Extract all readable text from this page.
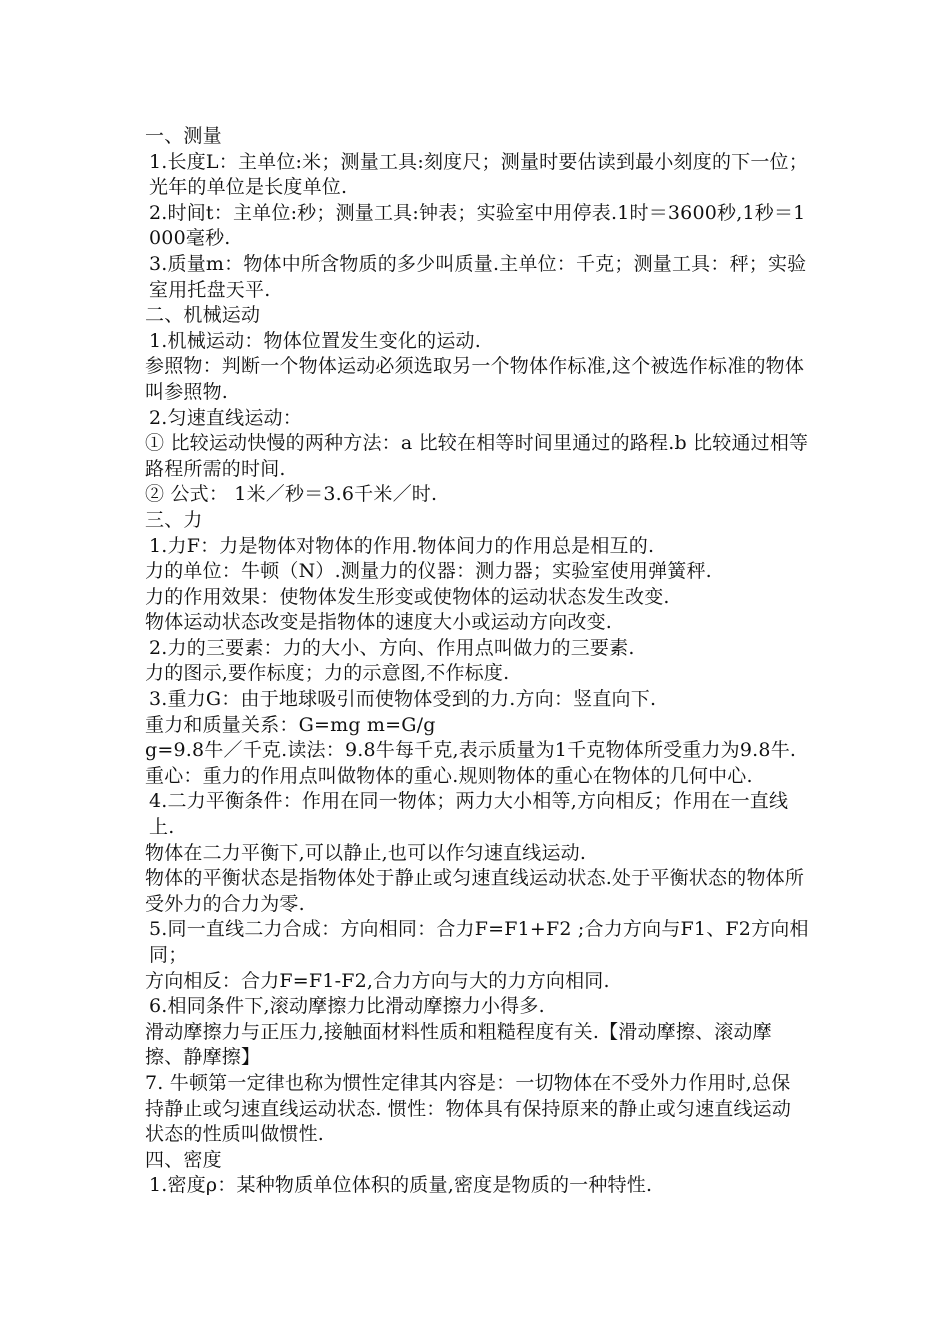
一、测量
1.长度L：主单位:米；测量工具:刻度尺；测量时要估读到最小刻度的下一位；光年的单位是长度单位.
2.时间t：主单位:秒；测量工具:钟表；实验室中用停表.1时＝3600秒,1秒＝1000毫秒.
3.质量m：物体中所含物质的多少叫质量.主单位：千克；测量工具：秤；实验室用托盘天平.
二、机械运动
1.机械运动：物体位置发生变化的运动.
参照物：判断一个物体运动必须选取另一个物体作标准,这个被选作标准的物体叫参照物.
2.匀速直线运动：
① 比较运动快慢的两种方法：a 比较在相等时间里通过的路程.b 比较通过相等路程所需的时间.
② 公式： 1米／秒＝3.6千米／时.
三、力
1.力F：力是物体对物体的作用.物体间力的作用总是相互的.
力的单位：牛顿（N）.测量力的仪器：测力器；实验室使用弹簧秤.
力的作用效果：使物体发生形变或使物体的运动状态发生改变.
物体运动状态改变是指物体的速度大小或运动方向改变.
2.力的三要素：力的大小、方向、作用点叫做力的三要素.
力的图示,要作标度；力的示意图,不作标度.
3.重力G：由于地球吸引而使物体受到的力.方向：竖直向下.
重力和质量关系：G=mg m=G/g
g=9.8牛／千克.读法：9.8牛每千克,表示质量为1千克物体所受重力为9.8牛.
重心：重力的作用点叫做物体的重心.规则物体的重心在物体的几何中心.
4.二力平衡条件：作用在同一物体；两力大小相等,方向相反；作用在一直线上.
物体在二力平衡下,可以静止,也可以作匀速直线运动.
物体的平衡状态是指物体处于静止或匀速直线运动状态.处于平衡状态的物体所受外力的合力为零.
5.同一直线二力合成：方向相同：合力F=F1+F2 ;合力方向与F1、F2方向相同；
方向相反：合力F=F1-F2,合力方向与大的力方向相同.
6.相同条件下,滚动摩擦力比滑动摩擦力小得多.
滑动摩擦力与正压力,接触面材料性质和粗糙程度有关.【滑动摩擦、滚动摩擦、静摩擦】
7. 牛顿第一定律也称为惯性定律其内容是：一切物体在不受外力作用时,总保持静止或匀速直线运动状态. 惯性：物体具有保持原来的静止或匀速直线运动状态的性质叫做惯性.
四、密度
1.密度ρ：某种物质单位体积的质量,密度是物质的一种特性.
